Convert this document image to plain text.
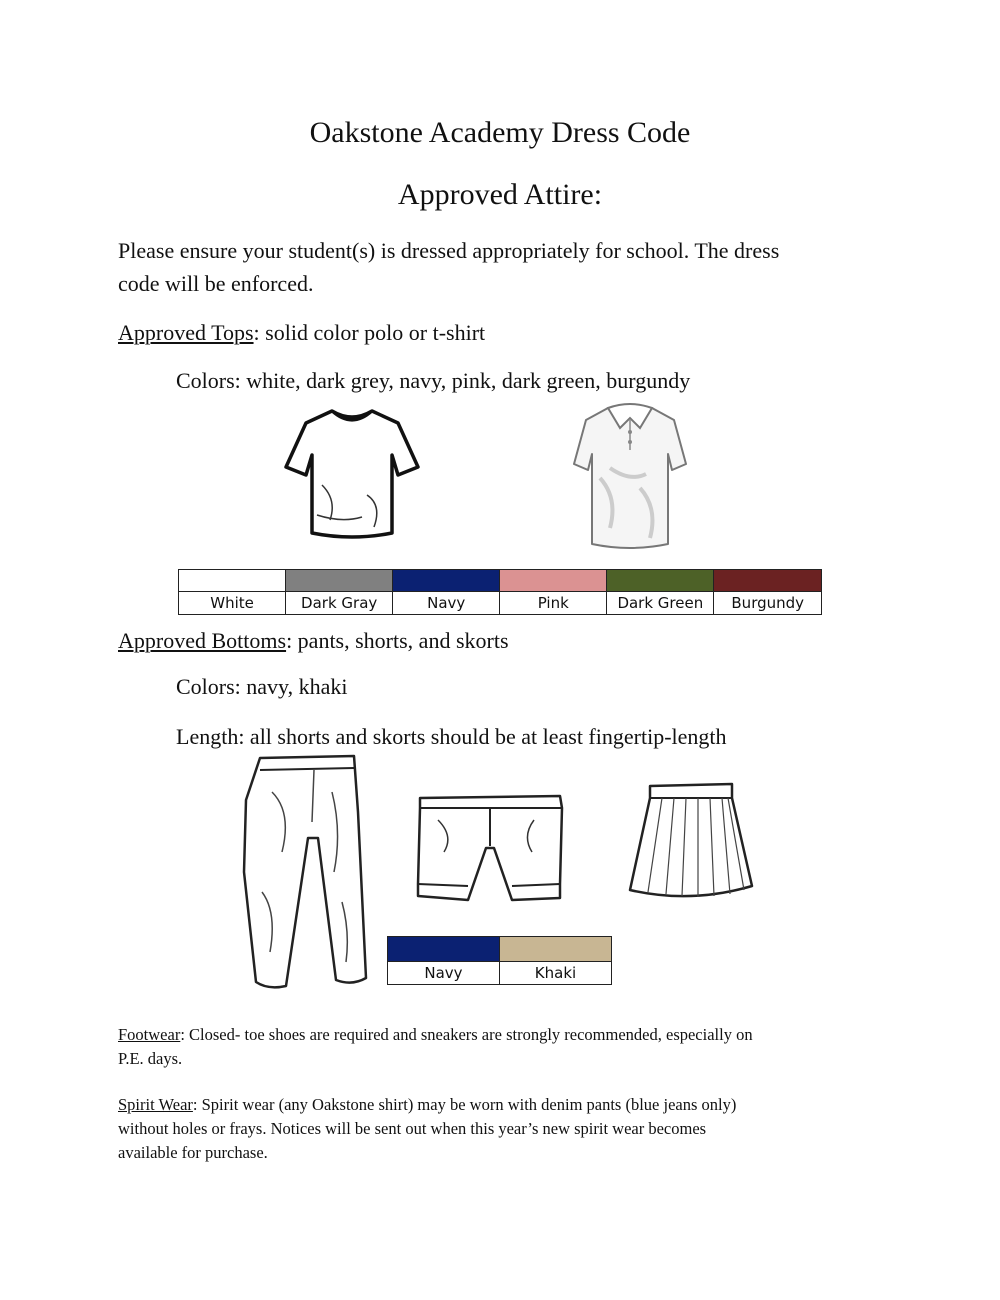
Oakstone Academy Dress Code
Approved Attire:
Please ensure your student(s) is dressed appropriately for school. The dress
code will be enforced.
Approved Tops: solid color polo or t-shirt
Colors: white, dark grey, navy, pink, dark green, burgundy

White	Dark Gray	Navy	Pink	Dark Green	Burgundy
Approved Bottoms: pants, shorts, and skorts
Colors: navy, khaki
Length: all shorts and skorts should be at least fingertip-length

Navy	Khaki
Footwear: Closed- toe shoes are required and sneakers are strongly recommended, especially on
P.E. days.
Spirit Wear: Spirit wear (any Oakstone shirt) may be worn with denim pants (blue jeans only)
without holes or frays. Notices will be sent out when this year’s new spirit wear becomes
available for purchase.
